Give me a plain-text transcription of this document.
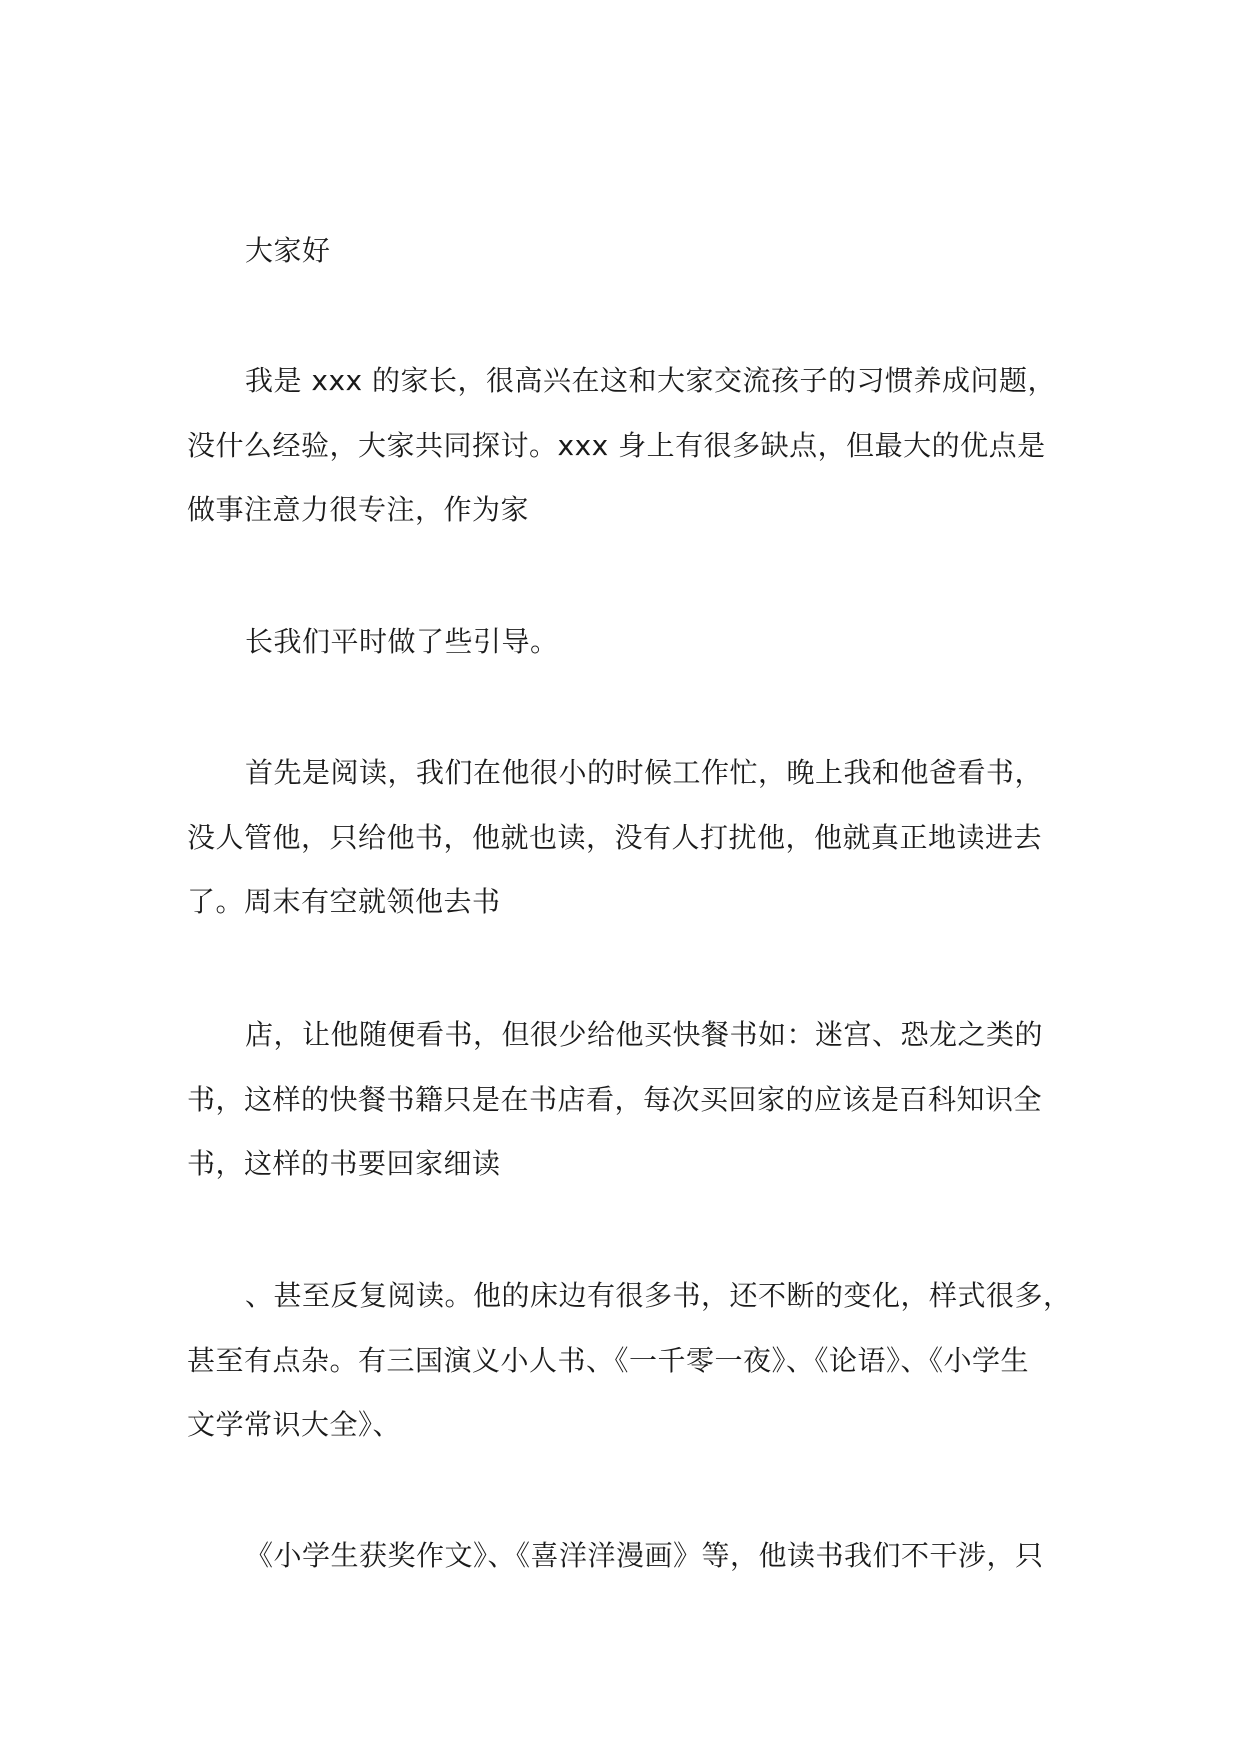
大家好

我是 xxx 的家长，很高兴在这和大家交流孩子的习惯养成问题，
没什么经验，大家共同探讨。xxx 身上有很多缺点，但最大的优点是
做事注意力很专注，作为家

长我们平时做了些引导。

首先是阅读，我们在他很小的时候工作忙，晚上我和他爸看书，
没人管他，只给他书，他就也读，没有人打扰他，他就真正地读进去
了。周末有空就领他去书

店，让他随便看书，但很少给他买快餐书如：迷宫、恐龙之类的
书，这样的快餐书籍只是在书店看，每次买回家的应该是百科知识全
书，这样的书要回家细读

、甚至反复阅读。他的床边有很多书，还不断的变化，样式很多，
甚至有点杂。有三国演义小人书、《一千零一夜》、《论语》、《小学生
文学常识大全》、

《小学生获奖作文》、《喜洋洋漫画》等，他读书我们不干涉，只
